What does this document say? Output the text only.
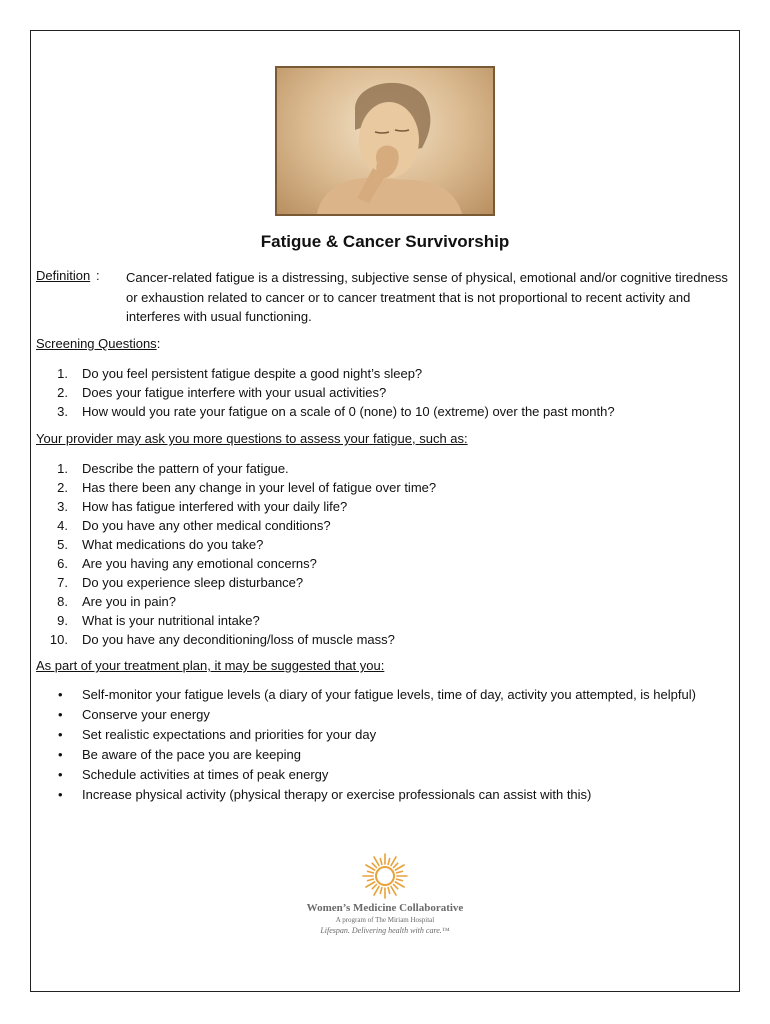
Fatigue & Cancer Survivorship
Definition : Cancer-related fatigue is a distressing, subjective sense of physical, emotional and/or cognitive tiredness or exhaustion related to cancer or to cancer treatment that is not proportional to recent activity and interferes with usual functioning.
Screening Questions:
1. Do you feel persistent fatigue despite a good night’s sleep?
2. Does your fatigue interfere with your usual activities?
3. How would you rate your fatigue on a scale of 0 (none) to 10 (extreme) over the past month?
Your provider may ask you more questions to assess your fatigue, such as:
1. Describe the pattern of your fatigue.
2. Has there been any change in your level of fatigue over time?
3. How has fatigue interfered with your daily life?
4. Do you have any other medical conditions?
5. What medications do you take?
6. Are you having any emotional concerns?
7. Do you experience sleep disturbance?
8. Are you in pain?
9. What is your nutritional intake?
10. Do you have any deconditioning/loss of muscle mass?
As part of your treatment plan, it may be suggested that you:
• Self-monitor your fatigue levels (a diary of your fatigue levels, time of day, activity you attempted, is helpful)
• Conserve your energy
• Set realistic expectations and priorities for your day
• Be aware of the pace you are keeping
• Schedule activities at times of peak energy
• Increase physical activity (physical therapy or exercise professionals can assist with this)
Women’s Medicine Collaborative
A program of The Miriam Hospital
Lifespan. Delivering health with care.™
